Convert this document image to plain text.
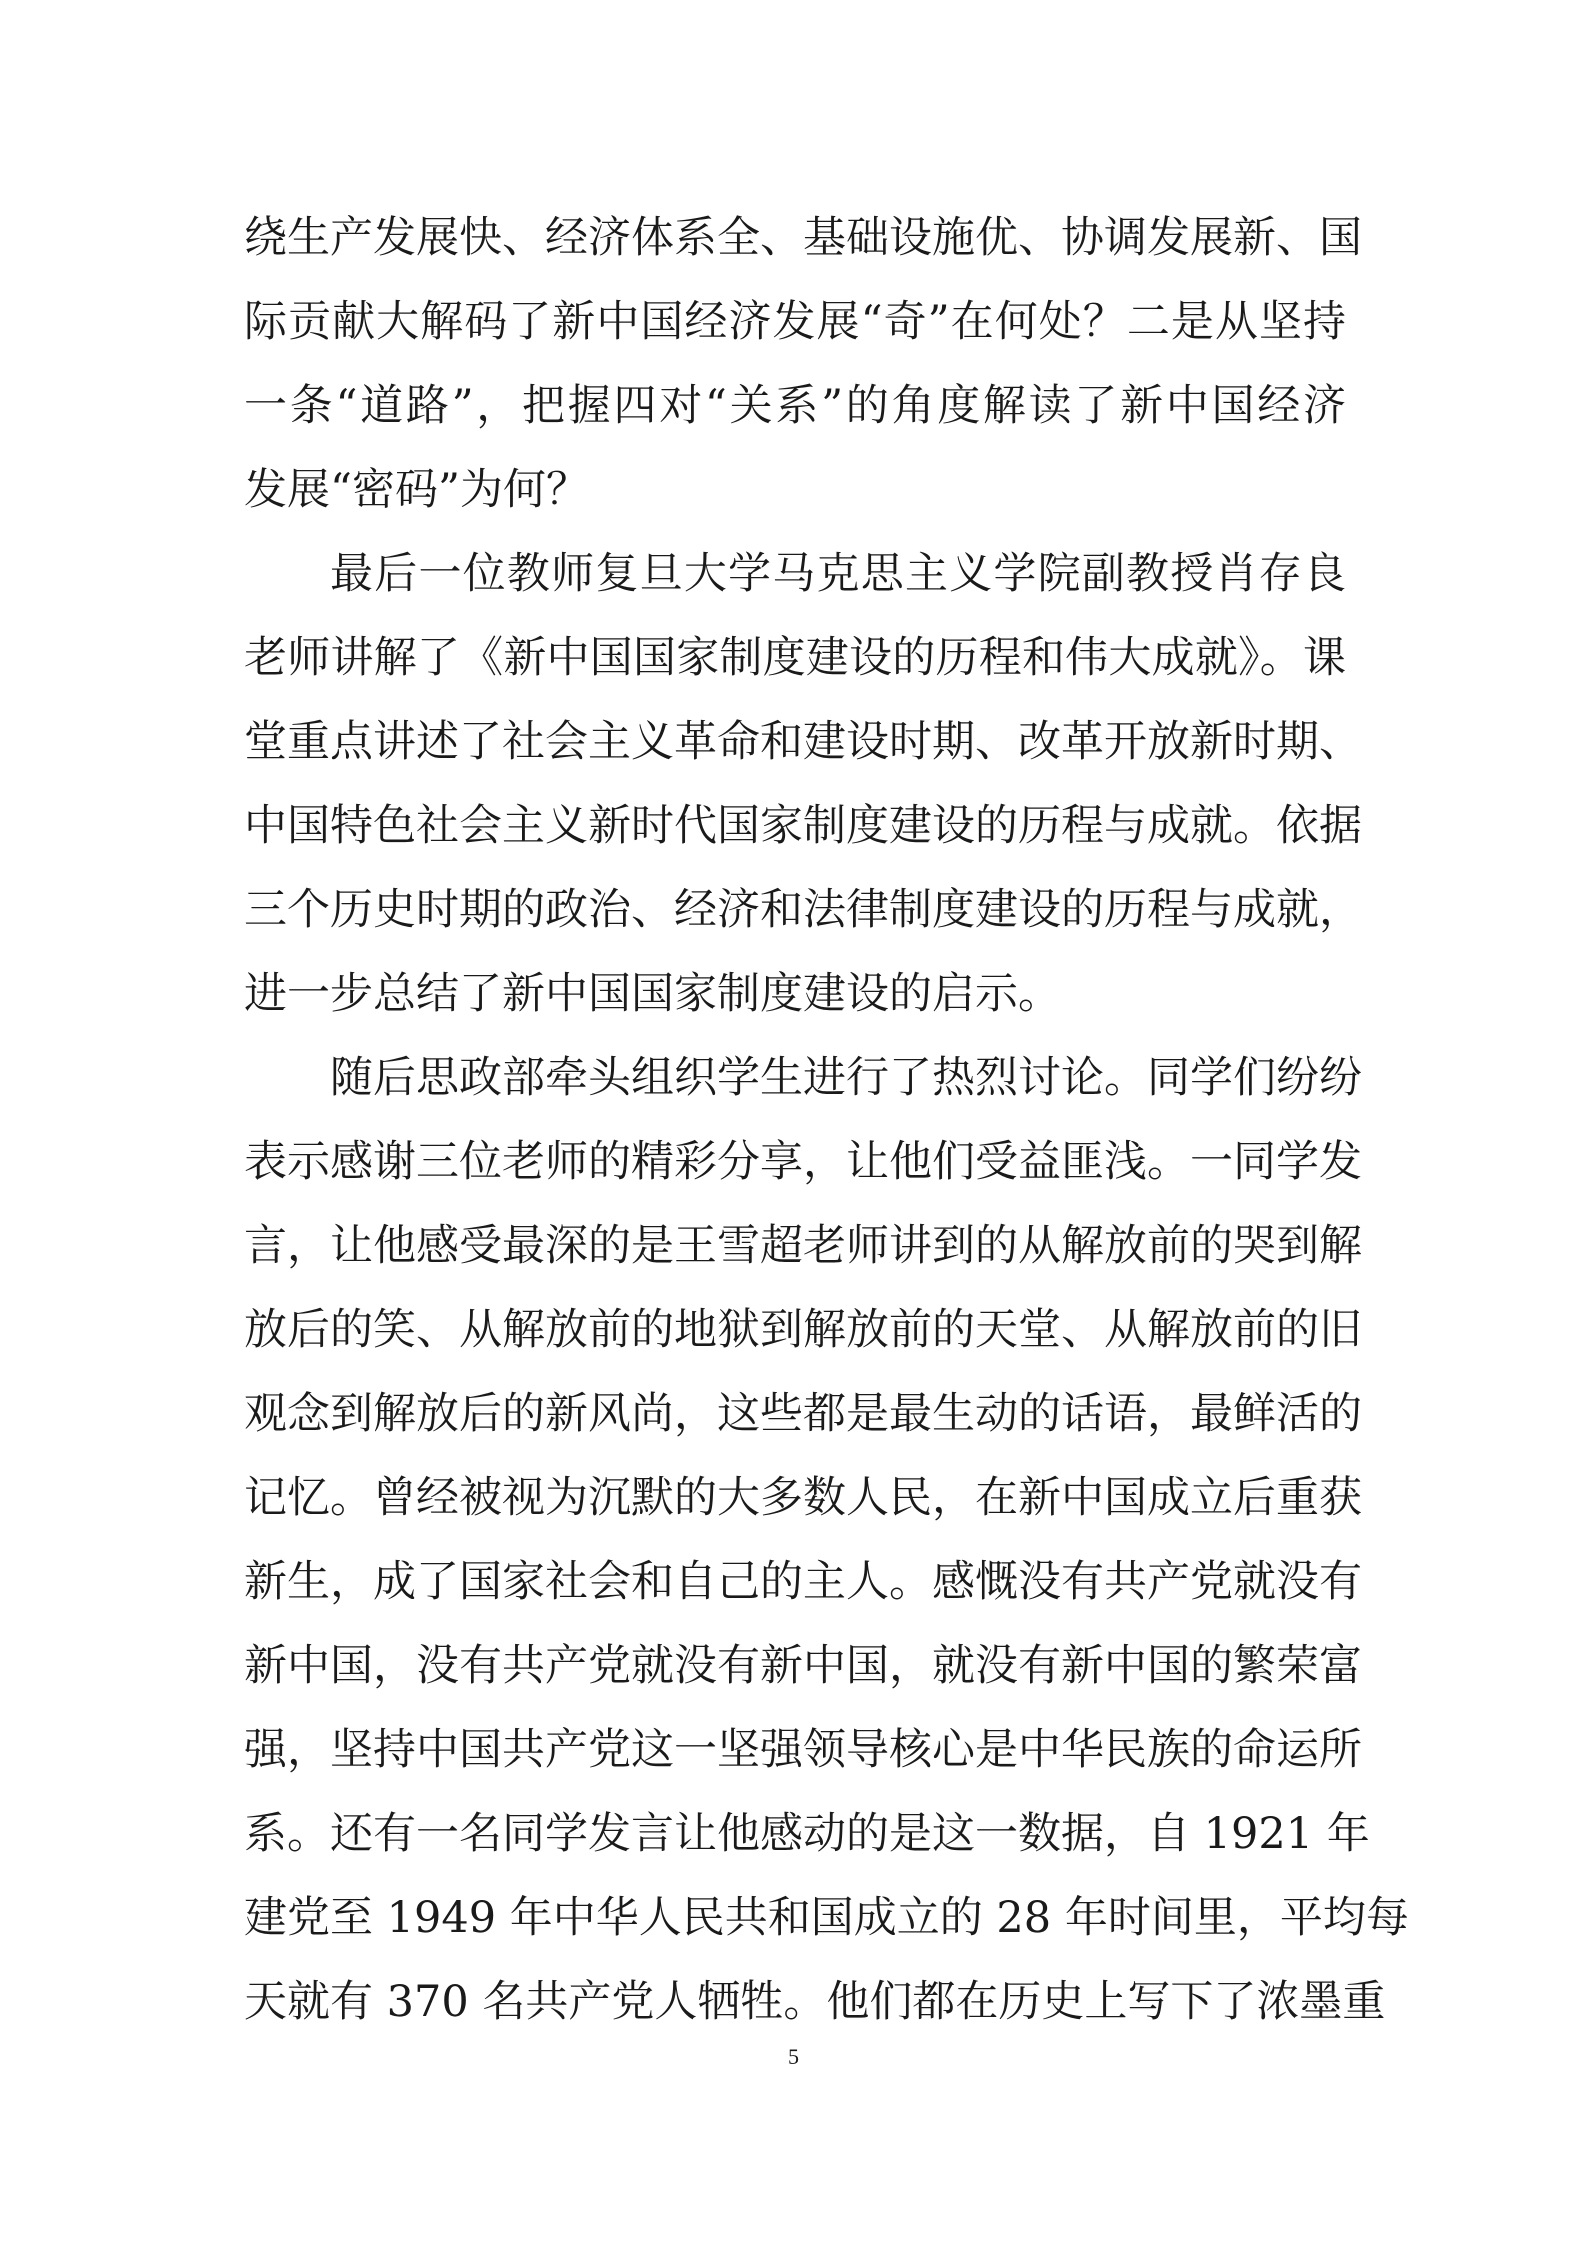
绕生产发展快、经济体系全、基础设施优、协调发展新、国
际贡献大解码了新中国经济发展“奇”在何处？二是从坚持
一条“道路”，把握四对“关系”的角度解读了新中国经济
发展“密码”为何？
最后一位教师复旦大学马克思主义学院副教授肖存良
老师讲解了《新中国国家制度建设的历程和伟大成就》。课
堂重点讲述了社会主义革命和建设时期、改革开放新时期、
中国特色社会主义新时代国家制度建设的历程与成就。依据
三个历史时期的政治、经济和法律制度建设的历程与成就，
进一步总结了新中国国家制度建设的启示。
随后思政部牵头组织学生进行了热烈讨论。同学们纷纷
表示感谢三位老师的精彩分享，让他们受益匪浅。一同学发
言，让他感受最深的是王雪超老师讲到的从解放前的哭到解
放后的笑、从解放前的地狱到解放前的天堂、从解放前的旧
观念到解放后的新风尚，这些都是最生动的话语，最鲜活的
记忆。曾经被视为沉默的大多数人民，在新中国成立后重获
新生，成了国家社会和自己的主人。感慨没有共产党就没有
新中国，没有共产党就没有新中国，就没有新中国的繁荣富
强，坚持中国共产党这一坚强领导核心是中华民族的命运所
系。还有一名同学发言让他感动的是这一数据，自 1921 年
建党至 1949 年中华人民共和国成立的 28 年时间里，平均每
天就有 370 名共产党人牺牲。他们都在历史上写下了浓墨重
5
